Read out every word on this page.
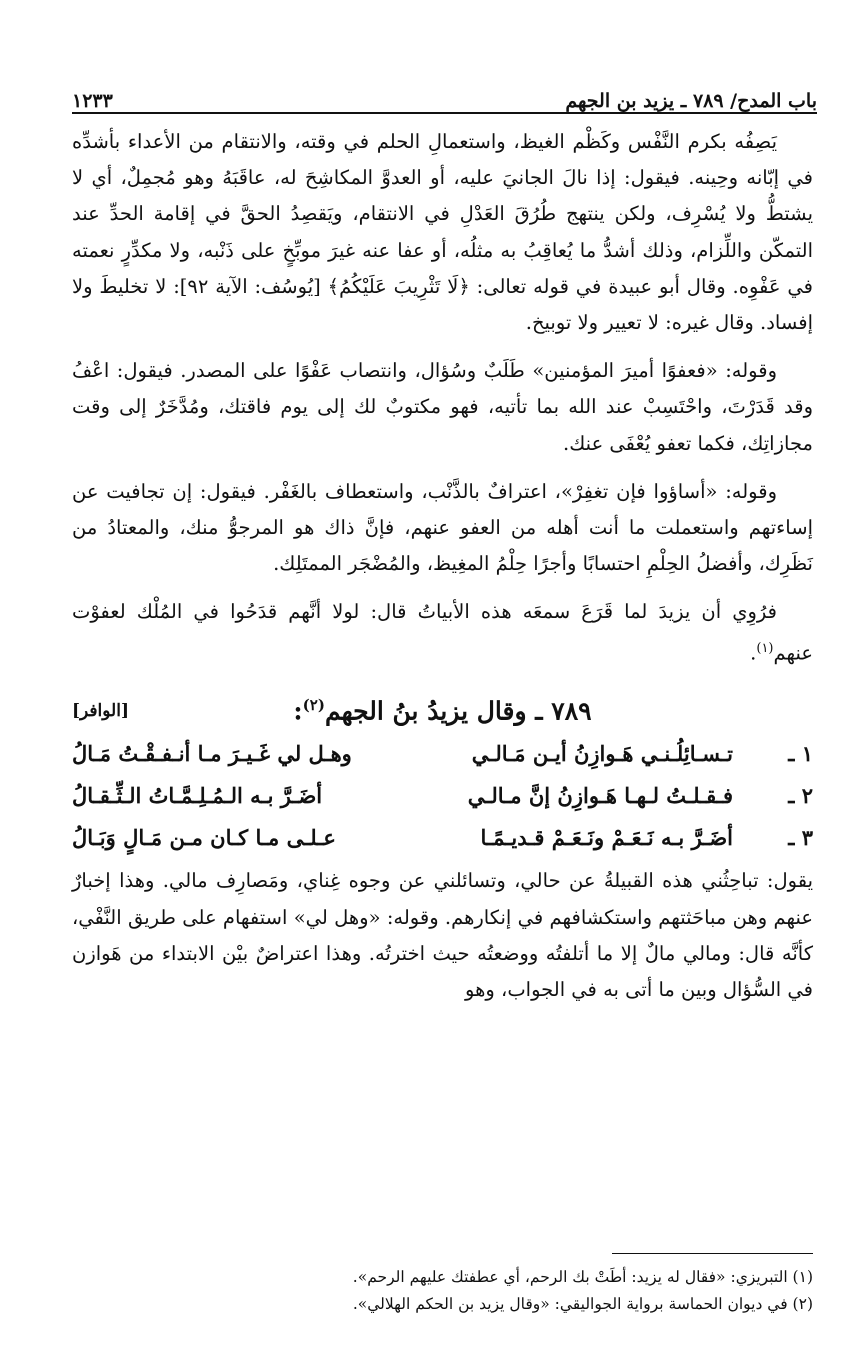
١٢٣٣	باب المدح/ ٧٨٩ ـ يزيد بن الجهم

يَصِفُه بكرم النَّفْس وكَظْم الغيظ، واستعمالِ الحلم في وقته، والانتقام من الأعداء بأشدِّه في إبّانه وحِينه. فيقول: إذا نالَ الجانيَ عليه، أو العدوَّ المكاشِحَ له، عاقَبَهُ وهو مُجمِلٌ، أي لا يشتطُّ ولا يُسْرِف، ولكن ينتهج طُرُقَ العَدْلِ في الانتقام، ويَقصِدُ الحقَّ في إقامة الحدِّ عند التمكّن واللِّزام، وذلك أشدُّ ما يُعاقِبُ به مثلُه، أو عفا عنه غيرَ موبِّخٍ على ذَنْبه، ولا مكدِّرٍ نعمته في عَفْوِه. وقال أبو عبيدة في قوله تعالى: ﴿لَا تَثْرِيبَ عَلَيْكُمُ﴾ [يُوسُف: الآية ٩٢]: لا تخليطَ ولا إفساد. وقال غيره: لا تعيير ولا توبيخ.

وقوله: «فعفوًا أميرَ المؤمنين» طَلَبٌ وسُؤال، وانتصاب عَفْوًا على المصدر. فيقول: اعْفُ وقد قَدَرْتَ، واحْتَسِبْ عند الله بما تأتيه، فهو مكتوبٌ لك إلى يوم فاقتك، ومُدَّخَرٌ إلى وقت مجازاتِك، فكما تعفو يُعْفَى عنك.

وقوله: «أساؤوا فإن تغفِرْ»، اعترافٌ بالذَّنْب، واستعطاف بالغَفْر. فيقول: إن تجافيت عن إساءتهم واستعملت ما أنت أهله من العفو عنهم، فإنَّ ذاك هو المرجوُّ منك، والمعتادُ من نَظَرِك، وأفضلُ الحِلْمِ احتسابًا وأجرًا حِلْمُ المغِيظ، والمُضْجَر الممتَلِك.

فرُوِي أن يزيدَ لما قَرَعَ سمعَه هذه الأبياتُ قال: لولا أنَّهم قدَحُوا في المُلْك لعفوْت عنهم$^{(١)}$.

٧٨٩ ـ وقال يزيدُ بنُ الجهم$^{(٢)}$:
[الوافر]
١ ـ
تـسـائِلُـنـي هَـوازِنُ أيـن مَـالـي
وهـل لي غَـيـرَ مـا أنـفـقْـتُ مَـالُ
٢ ـ
فـقـلـتُ لـهـا هَـوازِنُ إنَّ مـالـي
أضَـرَّ بـه الـمُـلِـمَّـاتُ الـثِّـقـالُ
٣ ـ
أضَـرَّ بـه نَـعَـمْ ونَـعَـمْ قـديـمًـا
عـلـى مـا كـان مـن مَـالٍ وَبَـالُ

يقول: تباحِثُني هذه القبيلةُ عن حالي، وتسائلني عن وجوه غِناي، ومَصارِف مالي. وهذا إخبارٌ عنهم وهن مباحَثتهم واستكشافهم في إنكارهم. وقوله: «وهل لي» استفهام على طريق النَّفْي، كأنَّه قال: ومالي مالٌ إلا ما أتلفتُه ووضعتُه حيث اخترتُه. وهذا اعتراضٌ بيْن الابتداء من هَوازن في السُّؤال وبين ما أتى به في الجواب، وهو

(١) التبريزي: «فقال له يزيد: أطَتْ بك الرحم، أي عطفتك عليهم الرحم».
(٢) في ديوان الحماسة برواية الجواليقي: «وقال يزيد بن الحكم الهلالي».
